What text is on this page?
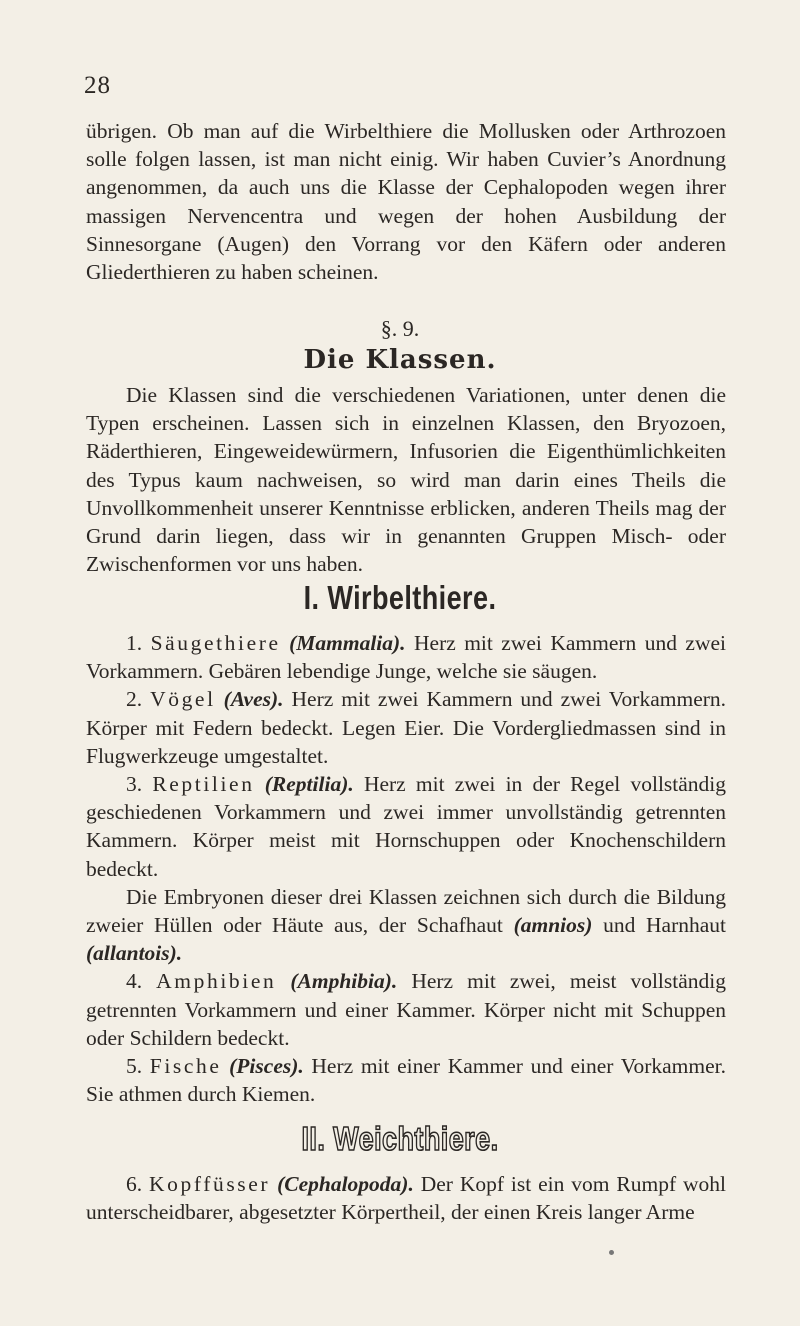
28

übrigen. Ob man auf die Wirbelthiere die Mollusken oder Arthrozoen solle folgen lassen, ist man nicht einig. Wir haben Cuvier’s Anordnung angenommen, da auch uns die Klasse der Cephalopoden wegen ihrer massigen Nervencentra und wegen der hohen Ausbildung der Sinnesorgane (Augen) den Vorrang vor den Käfern oder anderen Gliederthieren zu haben scheinen.

§. 9.
Die Klassen.

Die Klassen sind die verschiedenen Variationen, unter denen die Typen erscheinen. Lassen sich in einzelnen Klassen, den Bryozoen, Räderthieren, Eingeweidewürmern, Infusorien die Eigenthümlichkeiten des Typus kaum nachweisen, so wird man darin eines Theils die Unvollkommenheit unserer Kenntnisse erblicken, anderen Theils mag der Grund darin liegen, dass wir in genannten Gruppen Misch- oder Zwischenformen vor uns haben.

I. Wirbelthiere.

1. Säugethiere (Mammalia). Herz mit zwei Kammern und zwei Vorkammern. Gebären lebendige Junge, welche sie säugen.

2. Vögel (Aves). Herz mit zwei Kammern und zwei Vorkammern. Körper mit Federn bedeckt. Legen Eier. Die Vordergliedmassen sind in Flugwerkzeuge umgestaltet.

3. Reptilien (Reptilia). Herz mit zwei in der Regel vollständig geschiedenen Vorkammern und zwei immer unvollständig getrennten Kammern. Körper meist mit Hornschuppen oder Knochenschildern bedeckt.

Die Embryonen dieser drei Klassen zeichnen sich durch die Bildung zweier Hüllen oder Häute aus, der Schafhaut (amnios) und Harnhaut (allantois).

4. Amphibien (Amphibia). Herz mit zwei, meist vollständig getrennten Vorkammern und einer Kammer. Körper nicht mit Schuppen oder Schildern bedeckt.

5. Fische (Pisces). Herz mit einer Kammer und einer Vorkammer. Sie athmen durch Kiemen.

II. Weichthiere.

6. Kopffüsser (Cephalopoda). Der Kopf ist ein vom Rumpf wohl unterscheidbarer, abgesetzter Körpertheil, der einen Kreis langer Arme
